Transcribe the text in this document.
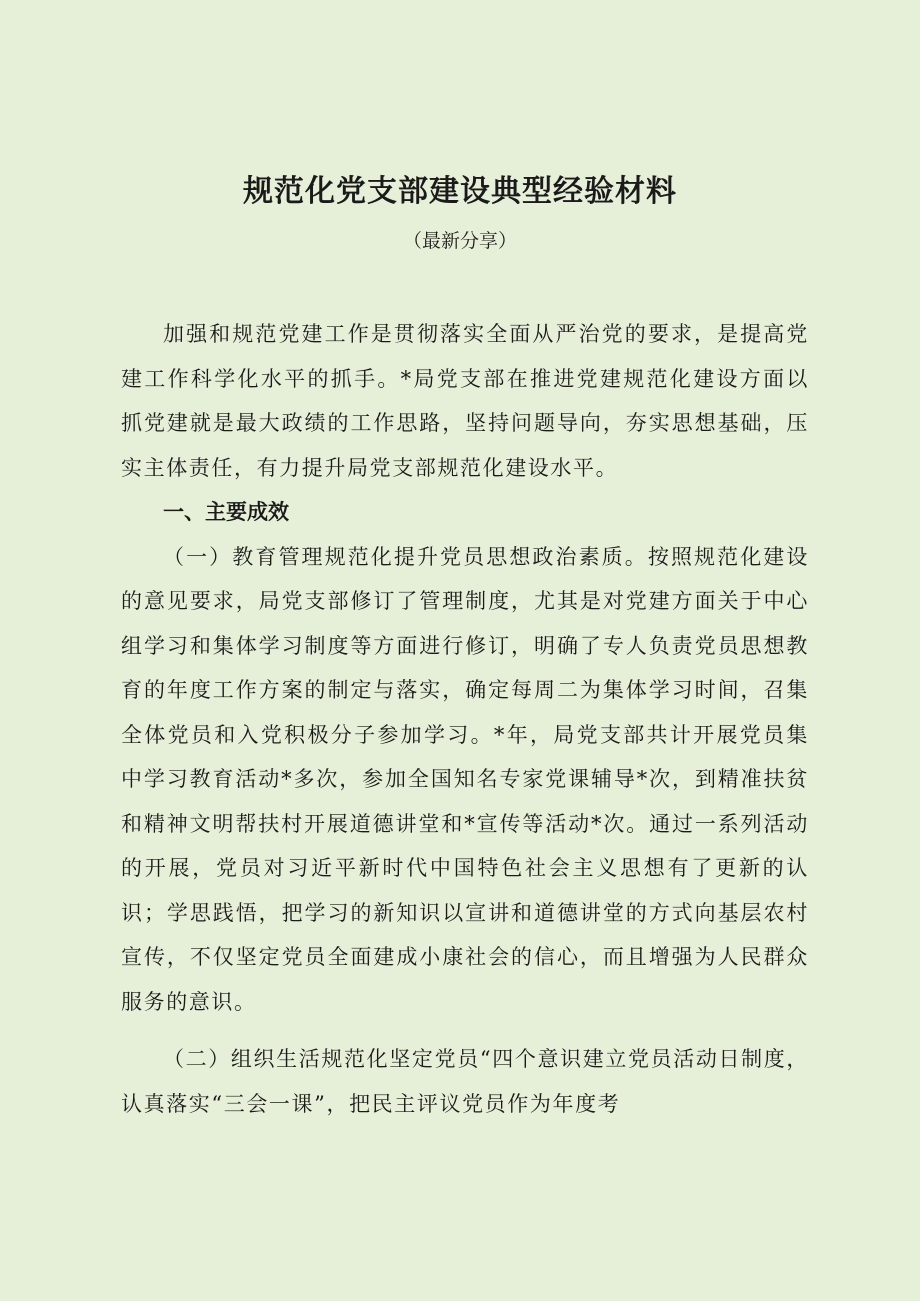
规范化党支部建设典型经验材料

（最新分享）

加强和规范党建工作是贯彻落实全面从严治党的要求，是提高党建工作科学化水平的抓手。*局党支部在推进党建规范化建设方面以抓党建就是最大政绩的工作思路，坚持问题导向，夯实思想基础，压实主体责任，有力提升局党支部规范化建设水平。

一、主要成效

（一）教育管理规范化提升党员思想政治素质。按照规范化建设的意见要求，局党支部修订了管理制度，尤其是对党建方面关于中心组学习和集体学习制度等方面进行修订，明确了专人负责党员思想教育的年度工作方案的制定与落实，确定每周二为集体学习时间，召集全体党员和入党积极分子参加学习。*年，局党支部共计开展党员集中学习教育活动*多次，参加全国知名专家党课辅导*次，到精准扶贫和精神文明帮扶村开展道德讲堂和*宣传等活动*次。通过一系列活动的开展，党员对习近平新时代中国特色社会主义思想有了更新的认识；学思践悟，把学习的新知识以宣讲和道德讲堂的方式向基层农村宣传，不仅坚定党员全面建成小康社会的信心，而且增强为人民群众服务的意识。

（二）组织生活规范化坚定党员“四个意识建立党员活动日制度，认真落实“三会一课”，把民主评议党员作为年度考
